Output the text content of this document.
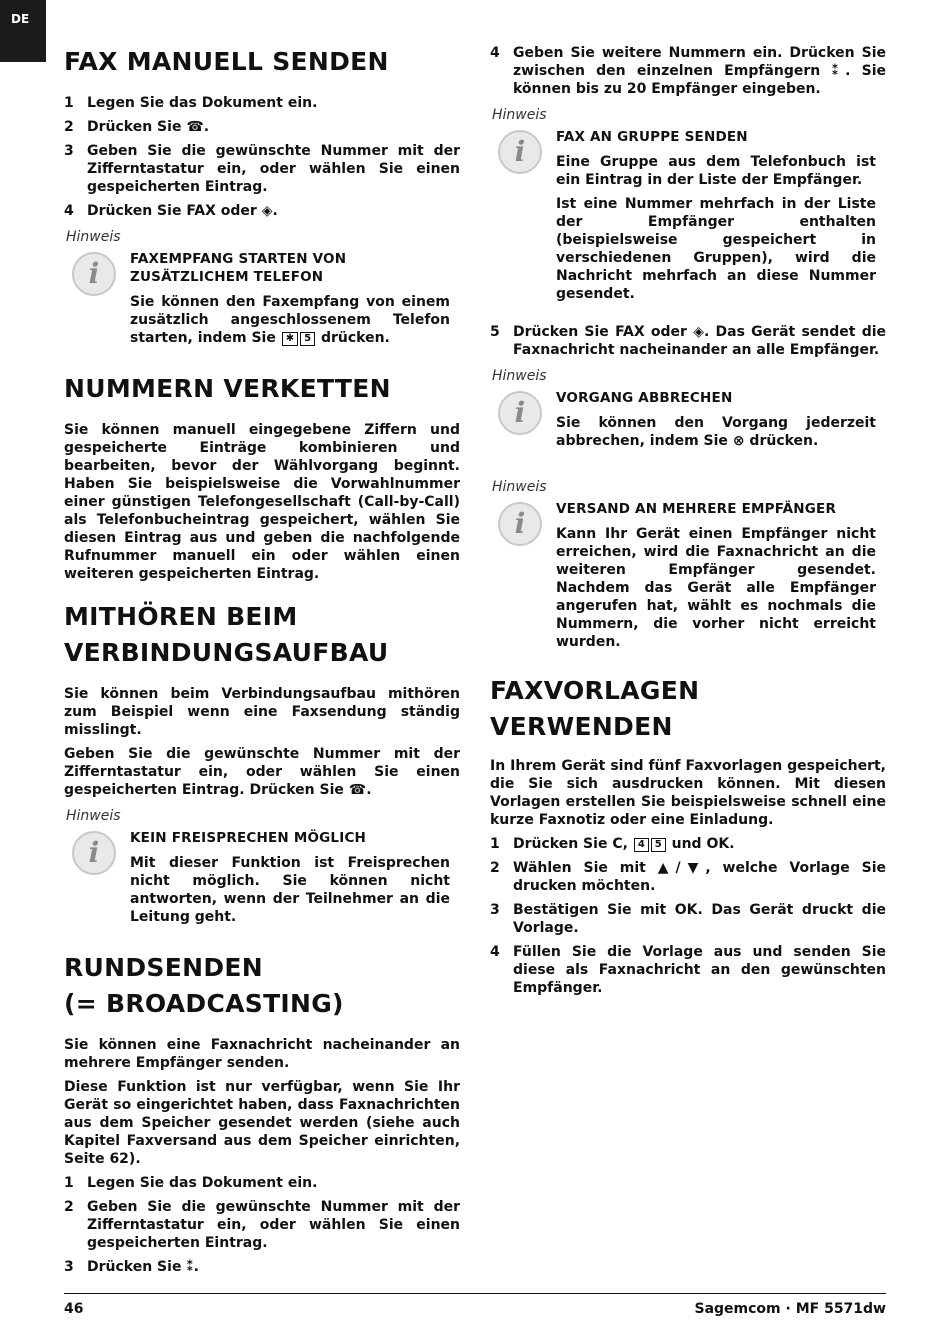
DE
FAX MANUELL SENDEN
1 Legen Sie das Dokument ein.
2 Drücken Sie ☎.
3 Geben Sie die gewünschte Nummer mit der Zifferntastatur ein, oder wählen Sie einen gespeicherten Eintrag.
4 Drücken Sie FAX oder ◈.
Hinweis
i	FAXEMPFANG STARTEN VON ZUSÄTZLICHEM TELEFON

Sie können den Faxempfang von einem zusätzlich angeschlossenem Telefon starten, indem Sie ✱ 5 drücken.

NUMMERN VERKETTEN

Sie können manuell eingegebene Ziffern und gespeicherte Einträge kombinieren und bearbeiten, bevor der Wählvorgang beginnt. Haben Sie beispielsweise die Vorwahlnummer einer günstigen Telefongesellschaft (Call-by-Call) als Telefonbucheintrag gespeichert, wählen Sie diesen Eintrag aus und geben die nachfolgende Rufnummer manuell ein oder wählen einen weiteren gespeicherten Eintrag.

MITHÖREN BEIM
VERBINDUNGSAUFBAU

Sie können beim Verbindungsaufbau mithören zum Beispiel wenn eine Faxsendung ständig misslingt.

Geben Sie die gewünschte Nummer mit der Zifferntastatur ein, oder wählen Sie einen gespeicherten Eintrag. Drücken Sie ☎.

Hinweis
i	KEIN FREISPRECHEN MÖGLICH

Mit dieser Funktion ist Freisprechen nicht möglich. Sie können nicht antworten, wenn der Teilnehmer an die Leitung geht.

RUNDSENDEN
(= BROADCASTING)

Sie können eine Faxnachricht nacheinander an mehrere Empfänger senden.

Diese Funktion ist nur verfügbar, wenn Sie Ihr Gerät so eingerichtet haben, dass Faxnachrichten aus dem Speicher gesendet werden (siehe auch Kapitel Faxversand aus dem Speicher einrichten, Seite 62).

1 Legen Sie das Dokument ein.
2 Geben Sie die gewünschte Nummer mit der Zifferntastatur ein, oder wählen Sie einen gespeicherten Eintrag.
3 Drücken Sie ⁑.
4 Geben Sie weitere Nummern ein. Drücken Sie zwischen den einzelnen Empfängern ⁑. Sie können bis zu 20 Empfänger eingeben.
Hinweis
i	FAX AN GRUPPE SENDEN

Eine Gruppe aus dem Telefonbuch ist ein Eintrag in der Liste der Empfänger.

Ist eine Nummer mehrfach in der Liste der Empfänger enthalten (beispielsweise gespeichert in verschiedenen Gruppen), wird die Nachricht mehrfach an diese Nummer gesendet.

5 Drücken Sie FAX oder ◈. Das Gerät sendet die Faxnachricht nacheinander an alle Empfänger.
Hinweis
i	VORGANG ABBRECHEN

Sie können den Vorgang jederzeit abbrechen, indem Sie ⊗ drücken.

Hinweis
i	VERSAND AN MEHRERE EMPFÄNGER

Kann Ihr Gerät einen Empfänger nicht erreichen, wird die Faxnachricht an die weiteren Empfänger gesendet. Nachdem das Gerät alle Empfänger angerufen hat, wählt es nochmals die Nummern, die vorher nicht erreicht wurden.

FAXVORLAGEN VERWENDEN

In Ihrem Gerät sind fünf Faxvorlagen gespeichert, die Sie sich ausdrucken können. Mit diesen Vorlagen erstellen Sie beispielsweise schnell eine kurze Faxnotiz oder eine Einladung.

1 Drücken Sie C, 4 5 und OK.
2 Wählen Sie mit ▲/▼, welche Vorlage Sie drucken möchten.
3 Bestätigen Sie mit OK. Das Gerät druckt die Vorlage.
4 Füllen Sie die Vorlage aus und senden Sie diese als Faxnachricht an den gewünschten Empfänger.
46	Sagemcom · MF 5571dw
